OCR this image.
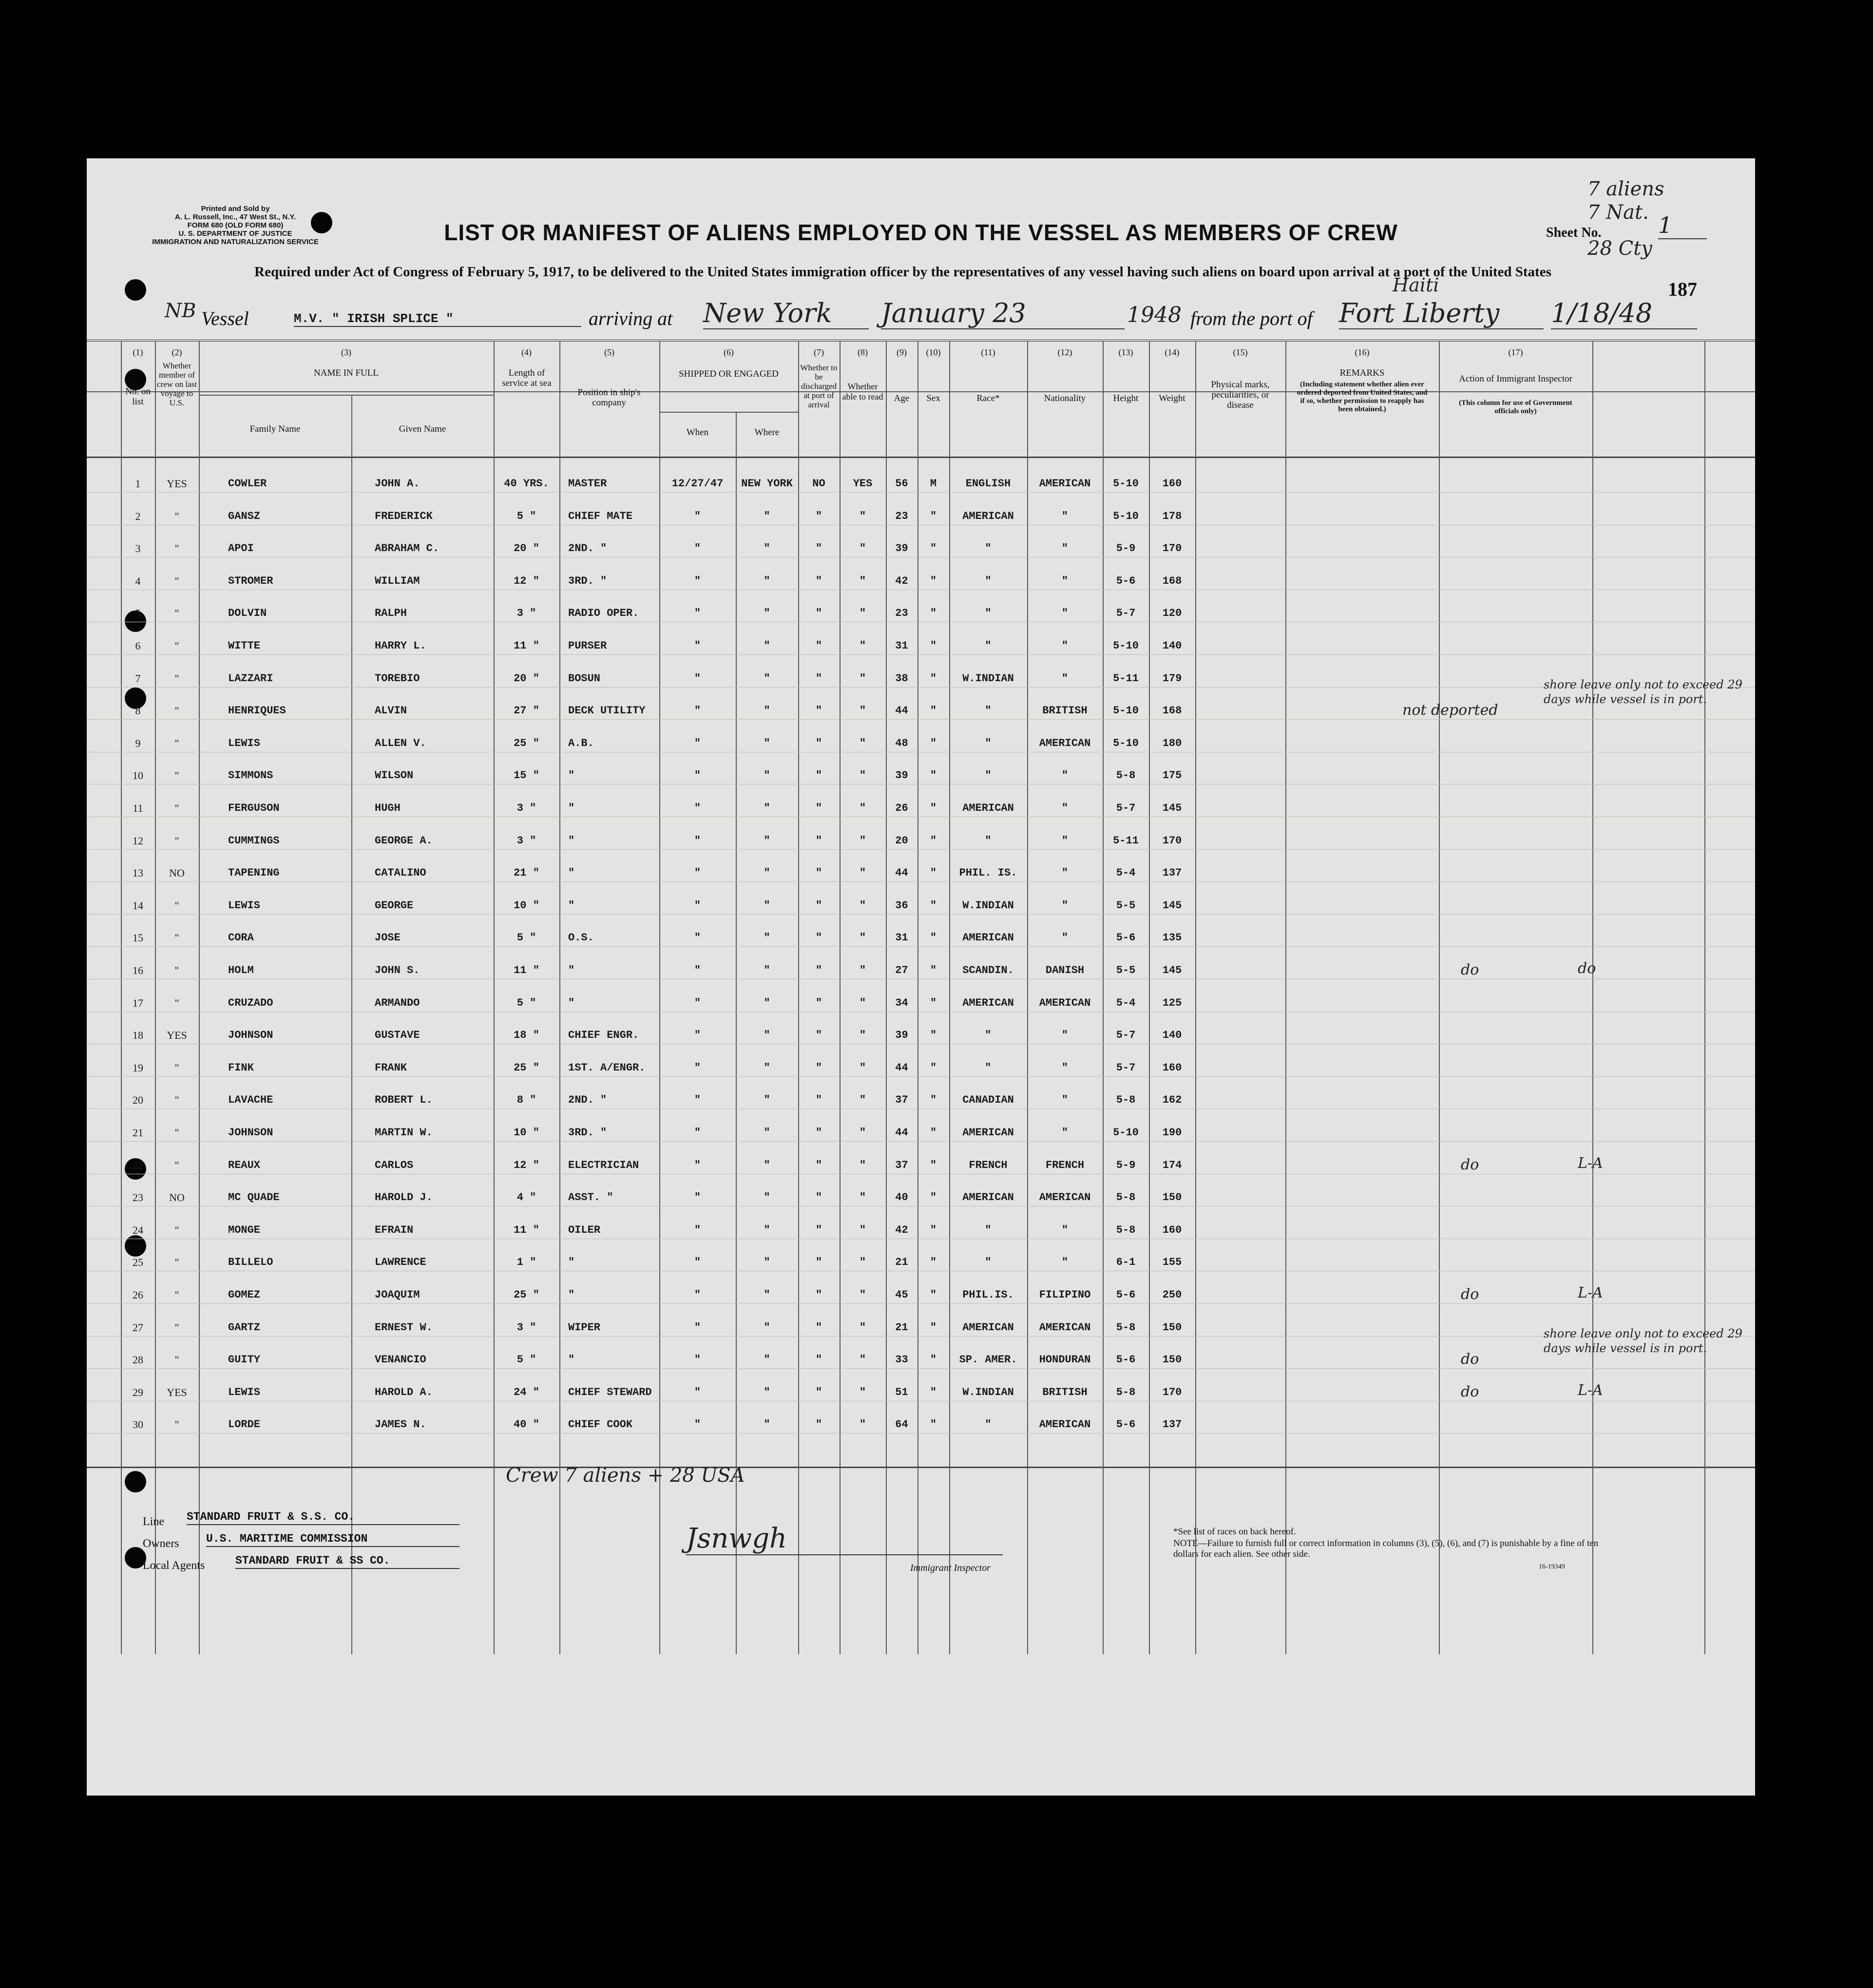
Printed and Sold by
A. L. Russell, Inc., 47 West St., N.Y.
FORM 680 (OLD FORM 680)
U. S. DEPARTMENT OF JUSTICE
IMMIGRATION AND NATURALIZATION SERVICE	LIST OR MANIFEST OF ALIENS EMPLOYED ON THE VESSEL AS MEMBERS OF CREW
Required under Act of Congress of February 5, 1917, to be delivered to the United States immigration officer by the representatives of any vessel having such aliens on board upon arrival at a port of the United States
7 aliens
7 Nat.
Sheet No.	1
28 Cty
187
NB Vessel	M.V. " IRISH SPLICE "	arriving at New York	January 23	1948 from the port of
Haiti
Fort Liberty	1/18/48
(1)	(2)	(3)	(4)	(5)	(6)	(7)	(8)	(9)	(10)	(11)	(12)	(13)	(14)	(15)	(16)	(17)
No. on list
Whether member of crew on last voyage to U.S.
NAME IN FULL
Family Name	Given Name
Length of service at sea
Position in ship's company
SHIPPED OR ENGAGED
When	Where
Whether to be discharged at port of arrival
Whether able to read	Age	Sex	Race*	Nationality	Height	Weight
Physical marks, peculiarities, or disease
REMARKS
(Including statement whether alien ever ordered deported from United States, and if so, whether permission to reapply has been obtained.)
Action of Immigrant Inspector
(This column for use of Government officials only)
1	YES	COWLER	JOHN A.	40 YRS.	MASTER	12/27/47	NEW YORK	NO	YES	56	M	ENGLISH	AMERICAN	5-10	160
2	"	GANSZ	FREDERICK	5 "	CHIEF MATE	"	"	"	"	23	"	AMERICAN	"	5-10	178
3	"	APOI	ABRAHAM C.	20 "	2ND. "	"	"	"	"	39	"	"	"	5-9	170
4	"	STROMER	WILLIAM	12 "	3RD. "	"	"	"	"	42	"	"	"	5-6	168
5	"	DOLVIN	RALPH	3 "	RADIO OPER.	"	"	"	"	23	"	"	"	5-7	120
6	"	WITTE	HARRY L.	11 "	PURSER	"	"	"	"	31	"	"	"	5-10	140
7	"	LAZZARI	TOREBIO	20 "	BOSUN	"	"	"	"	38	"	W.INDIAN	"	5-11	179
8	"	HENRIQUES	ALVIN	27 "	DECK UTILITY	"	"	"	"	44	"	"	BRITISH	5-10	168	not deported
shore leave only not to exceed 29 days while vessel is in port.
9	"	LEWIS	ALLEN V.	25 "	A.B.	"	"	"	"	48	"	"	AMERICAN	5-10	180
10	"	SIMMONS	WILSON	15 "	"	"	"	"	"	39	"	"	"	5-8	175
11	"	FERGUSON	HUGH	3 "	"	"	"	"	"	26	"	AMERICAN	"	5-7	145
12	"	CUMMINGS	GEORGE A.	3 "	"	"	"	"	"	20	"	"	"	5-11	170
13	NO	TAPENING	CATALINO	21 "	"	"	"	"	"	44	"	PHIL. IS.	"	5-4	137
14	"	LEWIS	GEORGE	10 "	"	"	"	"	"	36	"	W.INDIAN	"	5-5	145
15	"	CORA	JOSE	5 "	O.S.	"	"	"	"	31	"	AMERICAN	"	5-6	135
16	"	HOLM	JOHN S.	11 "	"	"	"	"	"	27	"	SCANDIN.	DANISH	5-5	145	do	do
17	"	CRUZADO	ARMANDO	5 "	"	"	"	"	"	34	"	AMERICAN	AMERICAN	5-4	125
18	YES	JOHNSON	GUSTAVE	18 "	CHIEF ENGR.	"	"	"	"	39	"	"	"	5-7	140
19	"	FINK	FRANK	25 "	1ST. A/ENGR.	"	"	"	"	44	"	"	"	5-7	160
20	"	LAVACHE	ROBERT L.	8 "	2ND. "	"	"	"	"	37	"	CANADIAN	"	5-8	162
21	"	JOHNSON	MARTIN W.	10 "	3RD. "	"	"	"	"	44	"	AMERICAN	"	5-10	190
22	"	REAUX	CARLOS	12 "	ELECTRICIAN	"	"	"	"	37	"	FRENCH	FRENCH	5-9	174	do	L-A
23	NO	MC QUADE	HAROLD J.	4 "	ASST. "	"	"	"	"	40	"	AMERICAN	AMERICAN	5-8	150
24	"	MONGE	EFRAIN	11 "	OILER	"	"	"	"	42	"	"	"	5-8	160
25	"	BILLELO	LAWRENCE	1 "	"	"	"	"	"	21	"	"	"	6-1	155
26	"	GOMEZ	JOAQUIM	25 "	"	"	"	"	"	45	"	PHIL.IS.	FILIPINO	5-6	250	do	L-A
27	"	GARTZ	ERNEST W.	3 "	WIPER	"	"	"	"	21	"	AMERICAN	AMERICAN	5-8	150
28	"	GUITY	VENANCIO	5 "	"	"	"	"	"	33	"	SP. AMER.	HONDURAN	5-6	150	do
shore leave only not to exceed 29 days while vessel is in port.
29	YES	LEWIS	HAROLD A.	24 "	CHIEF STEWARD	"	"	"	"	51	"	W.INDIAN	BRITISH	5-8	170	do	L-A
30	"	LORDE	JAMES N.	40 "	CHIEF COOK	"	"	"	"	64	"	"	AMERICAN	5-6	137
Crew 7 aliens + 28 USA
Line STANDARD FRUIT & S.S. CO.
Owners U.S. MARITIME COMMISSION
Local Agents	STANDARD FRUIT & SS CO.
Jsnwgh
Immigrant Inspector
*See list of races on back hereof.
NOTE—Failure to furnish full or correct information in columns (3), (5), (6), and (7) is punishable by a fine of ten dollars for each alien. See other side.
16-19349
